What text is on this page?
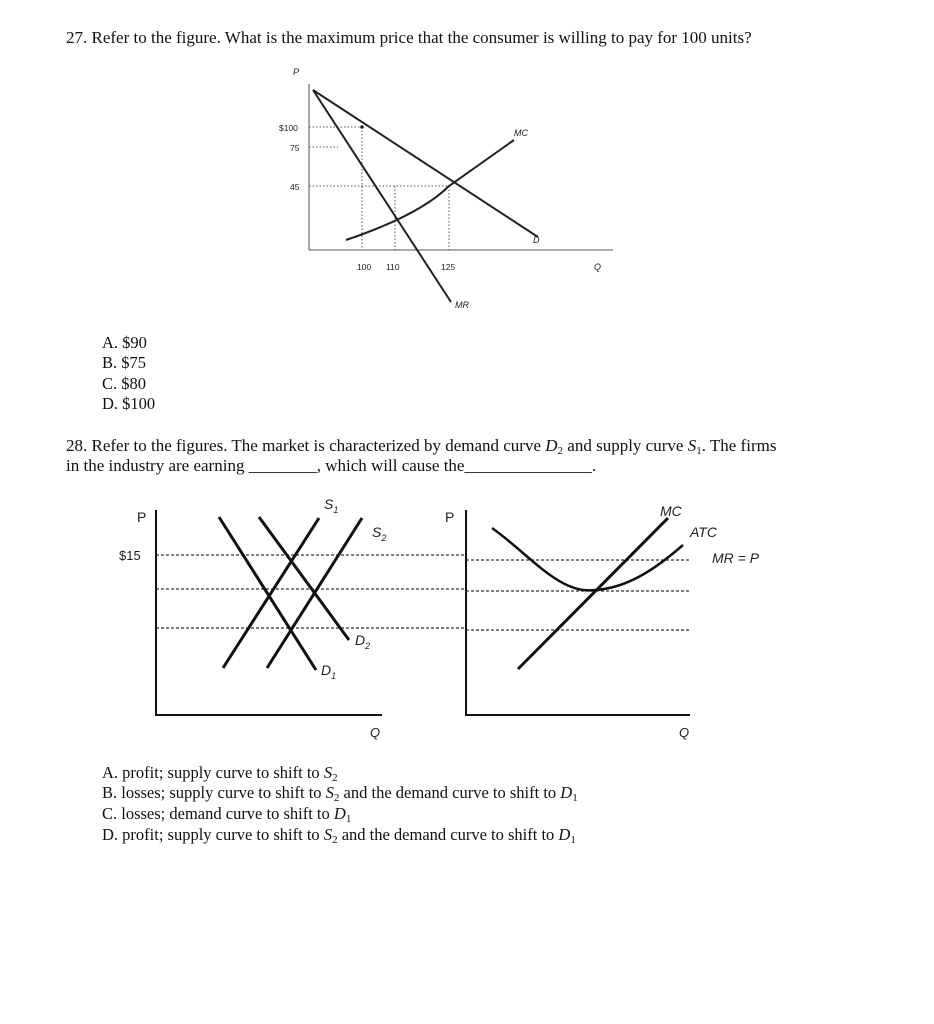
27. Refer to the figure. What is the maximum price that the consumer is willing to pay for 100 units?
P
Q
$100
75
45
100 110	125
MC
D
MR
A. $90
B. $75
C. $80
D. $100
28. Refer to the figures. The market is characterized by demand curve $D_2$ and supply curve $S_1$. The firms
in the industry are earning ________, which will cause the_______________.
P
Q
$15
$S_1$
$S_2$
$D_2$
$D_1$
P
Q
MC
ATC
MR = P
A. profit; supply curve to shift to $S_2$
B. losses; supply curve to shift to $S_2$ and the demand curve to shift to $D_1$
C. losses; demand curve to shift to $D_1$
D. profit; supply curve to shift to $S_2$ and the demand curve to shift to $D_1$
